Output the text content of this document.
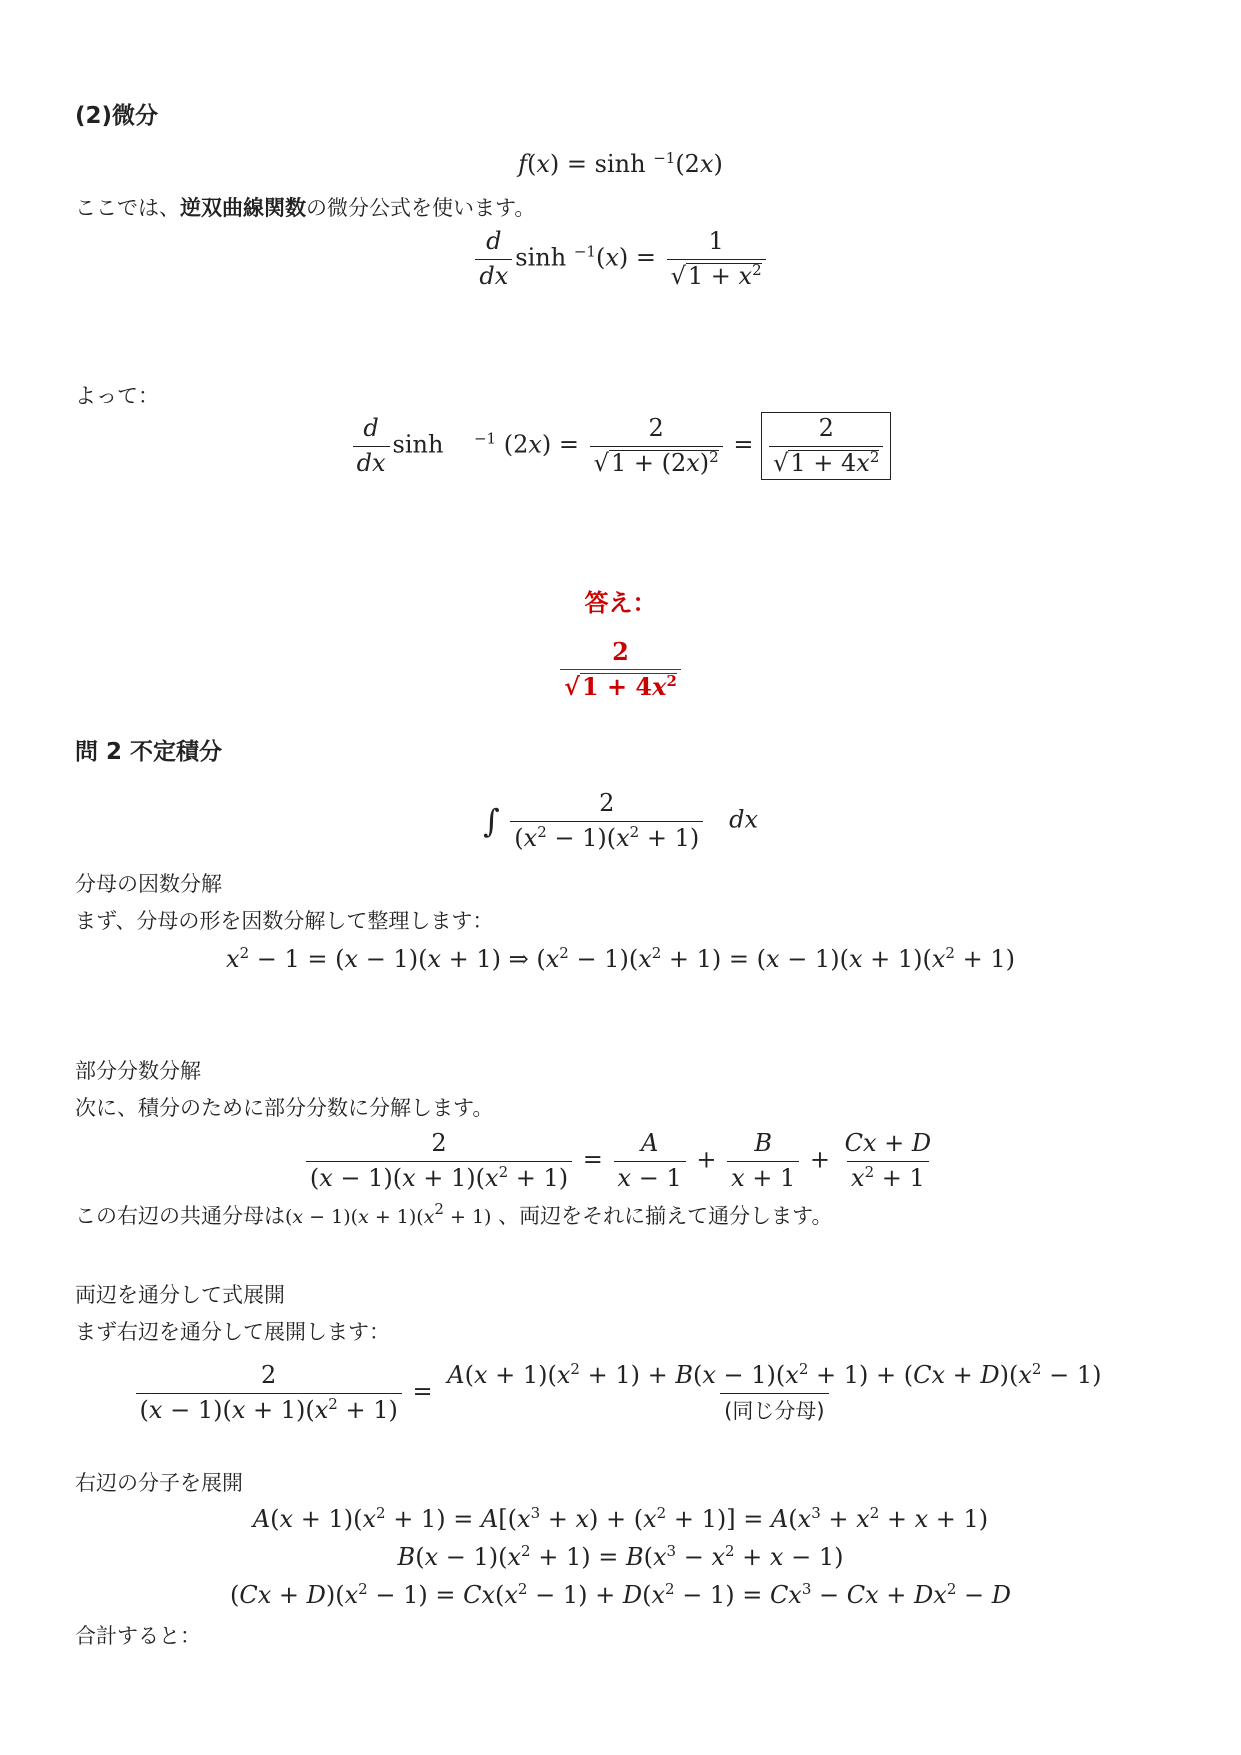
(2)微分
f(x) = sinh $^{-1}$(2x)
ここでは、逆双曲線関数の微分公式を使います。
$\frac{d}{dx}$ $\sinh ^{-1}(x) = \frac{1}{√1 + x^2}$
よって：
$\frac{d}{dx}$ sinh    $^{-1}$ $(2x) = \frac{2}{√1 + (2x)^2} = \frac{2}{√1 + 4x^2}$
答え：
$\frac{2}{√1 + 4x^2}$
問 2 不定積分
∫ $\frac{2}{(x^2 - 1)(x^2 + 1)}$ dx
分母の因数分解
まず、分母の形を因数分解して整理します：
$x^2 - 1 = (x - 1)(x + 1)$ ⇒ $(x^2 - 1)(x^2 + 1) = (x - 1)(x + 1)(x^2 + 1)$
部分分数分解
次に、積分のために部分分数に分解します。
$\frac{2}{(x - 1)(x + 1)(x^2 + 1)} = \frac{A}{x - 1} + \frac{B}{x + 1} + \frac{Cx + D}{x^2 + 1}$
この右辺の共通分母は$(x - 1)(x + 1)(x^2 + 1)$ 、両辺をそれに揃えて通分します。
両辺を通分して式展開
まず右辺を通分して展開します：
$\frac{2}{(x - 1)(x + 1)(x^2 + 1)} = \frac{A(x + 1)(x^2 + 1) + B(x - 1)(x^2 + 1) + (Cx + D)(x^2 - 1)}{\text{(同じ分母)}}$
右辺の分子を展開
$A(x + 1)(x^2 + 1) = A[(x^3 + x) + (x^2 + 1)] = A(x^3 + x^2 + x + 1)$
$B(x - 1)(x^2 + 1) = B(x^3 - x^2 + x - 1)$
$(Cx + D)(x^2 - 1) = Cx(x^2 - 1) + D(x^2 - 1) = Cx^3 - Cx + Dx^2 - D$
合計すると：
